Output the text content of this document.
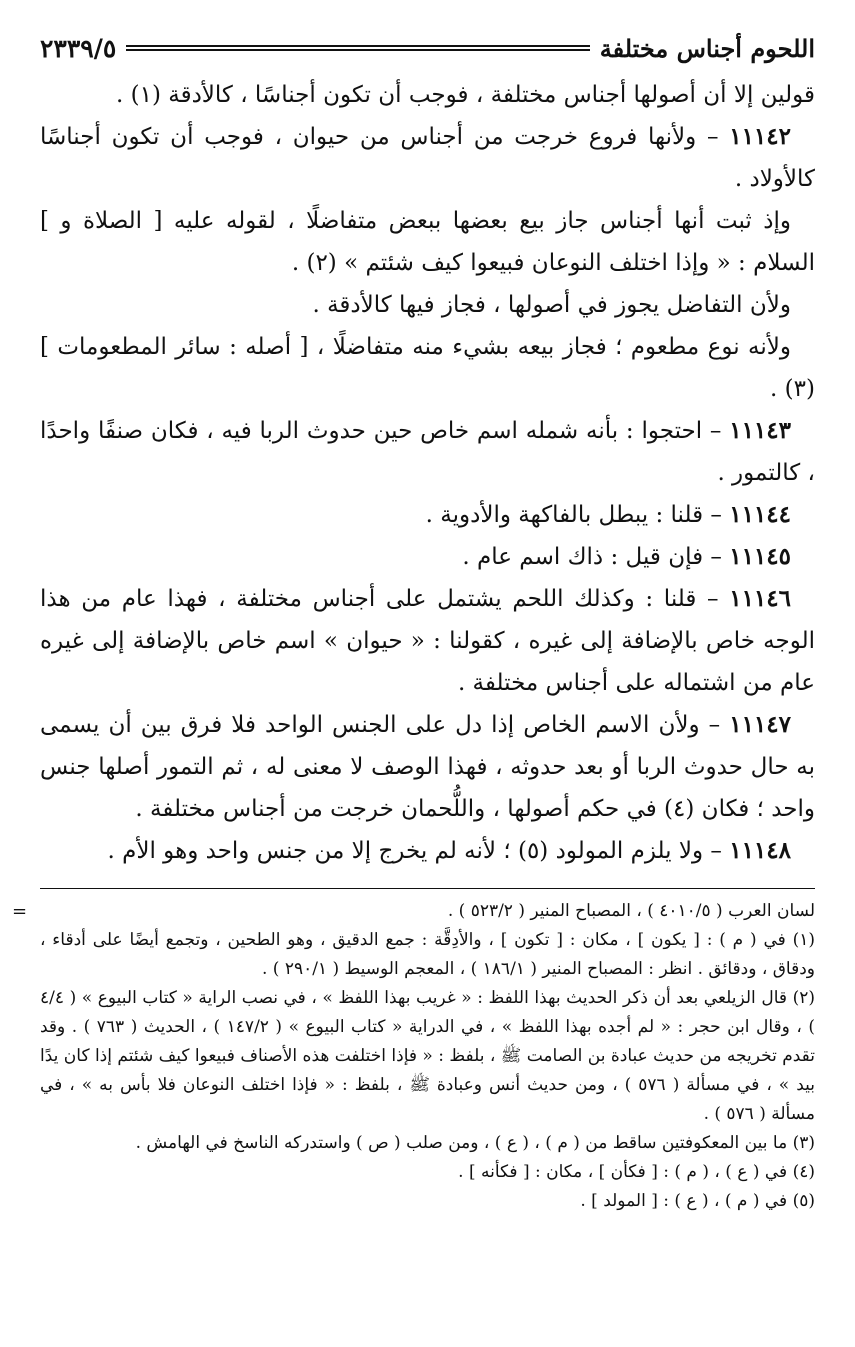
اللحوم أجناس مختلفة
٢٣٣٩/٥

قولين إلا أن أصولها أجناس مختلفة ، فوجب أن تكون أجناسًا ، كالأدقة (١) .

١١١٤٢ – ولأنها فروع خرجت من أجناس من حيوان ، فوجب أن تكون أجناسًا كالأولاد .

وإذ ثبت أنها أجناس جاز بيع بعضها ببعض متفاضلًا ، لقوله عليه [ الصلاة و ] السلام : « وإذا اختلف النوعان فبيعوا كيف شئتم » (٢) .

ولأن التفاضل يجوز في أصولها ، فجاز فيها كالأدقة .

ولأنه نوع مطعوم ؛ فجاز بيعه بشيء منه متفاضلًا ، [ أصله : سائر المطعومات ] (٣) .

١١١٤٣ – احتجوا : بأنه شمله اسم خاص حين حدوث الربا فيه ، فكان صنفًا واحدًا ، كالتمور .

١١١٤٤ – قلنا : يبطل بالفاكهة والأدوية .

١١١٤٥ – فإن قيل : ذاك اسم عام .

١١١٤٦ – قلنا : وكذلك اللحم يشتمل على أجناس مختلفة ، فهذا عام من هذا الوجه خاص بالإضافة إلى غيره ، كقولنا : « حيوان » اسم خاص بالإضافة إلى غيره عام من اشتماله على أجناس مختلفة .

١١١٤٧ – ولأن الاسم الخاص إذا دل على الجنس الواحد فلا فرق بين أن يسمى به حال حدوث الربا أو بعد حدوثه ، فهذا الوصف لا معنى له ، ثم التمور أصلها جنس واحد ؛ فكان (٤) في حكم أصولها ، واللُّحمان خرجت من أجناس مختلفة .

١١١٤٨ – ولا يلزم المولود (٥) ؛ لأنه لم يخرج إلا من جنس واحد وهو الأم .

=	لسان العرب ( ٤٠١٠/٥ ) ، المصباح المنير ( ٥٢٣/٢ ) .

(١) في ( م ) : [ يكون ] ، مكان : [ تكون ] ، والأدِقَّة : جمع الدقيق ، وهو الطحين ، وتجمع أيضًا على أدقاء ، ودقاق ، ودقائق . انظر : المصباح المنير ( ١٨٦/١ ) ، المعجم الوسيط ( ٢٩٠/١ ) .

(٢) قال الزيلعي بعد أن ذكر الحديث بهذا اللفظ : « غريب بهذا اللفظ » ، في نصب الراية « كتاب البيوع » ( ٤/٤ ) ، وقال ابن حجر : « لم أجده بهذا اللفظ » ، في الدراية « كتاب البيوع » ( ١٤٧/٢ ) ، الحديث ( ٧٦٣ ) . وقد تقدم تخريجه من حديث عبادة بن الصامت ﷺ ، بلفظ : « فإذا اختلفت هذه الأصناف فبيعوا كيف شئتم إذا كان يدًا بيد » ، في مسألة ( ٥٧٦ ) ، ومن حديث أنس وعبادة ﷺ ، بلفظ : « فإذا اختلف النوعان فلا بأس به » ، في مسألة ( ٥٧٦ ) .

(٣) ما بين المعكوفتين ساقط من ( م ) ، ( ع ) ، ومن صلب ( ص ) واستدركه الناسخ في الهامش .

(٤) في ( ع ) ، ( م ) : [ فكأن ] ، مكان : [ فكأنه ] .

(٥) في ( م ) ، ( ع ) : [ المولد ] .
